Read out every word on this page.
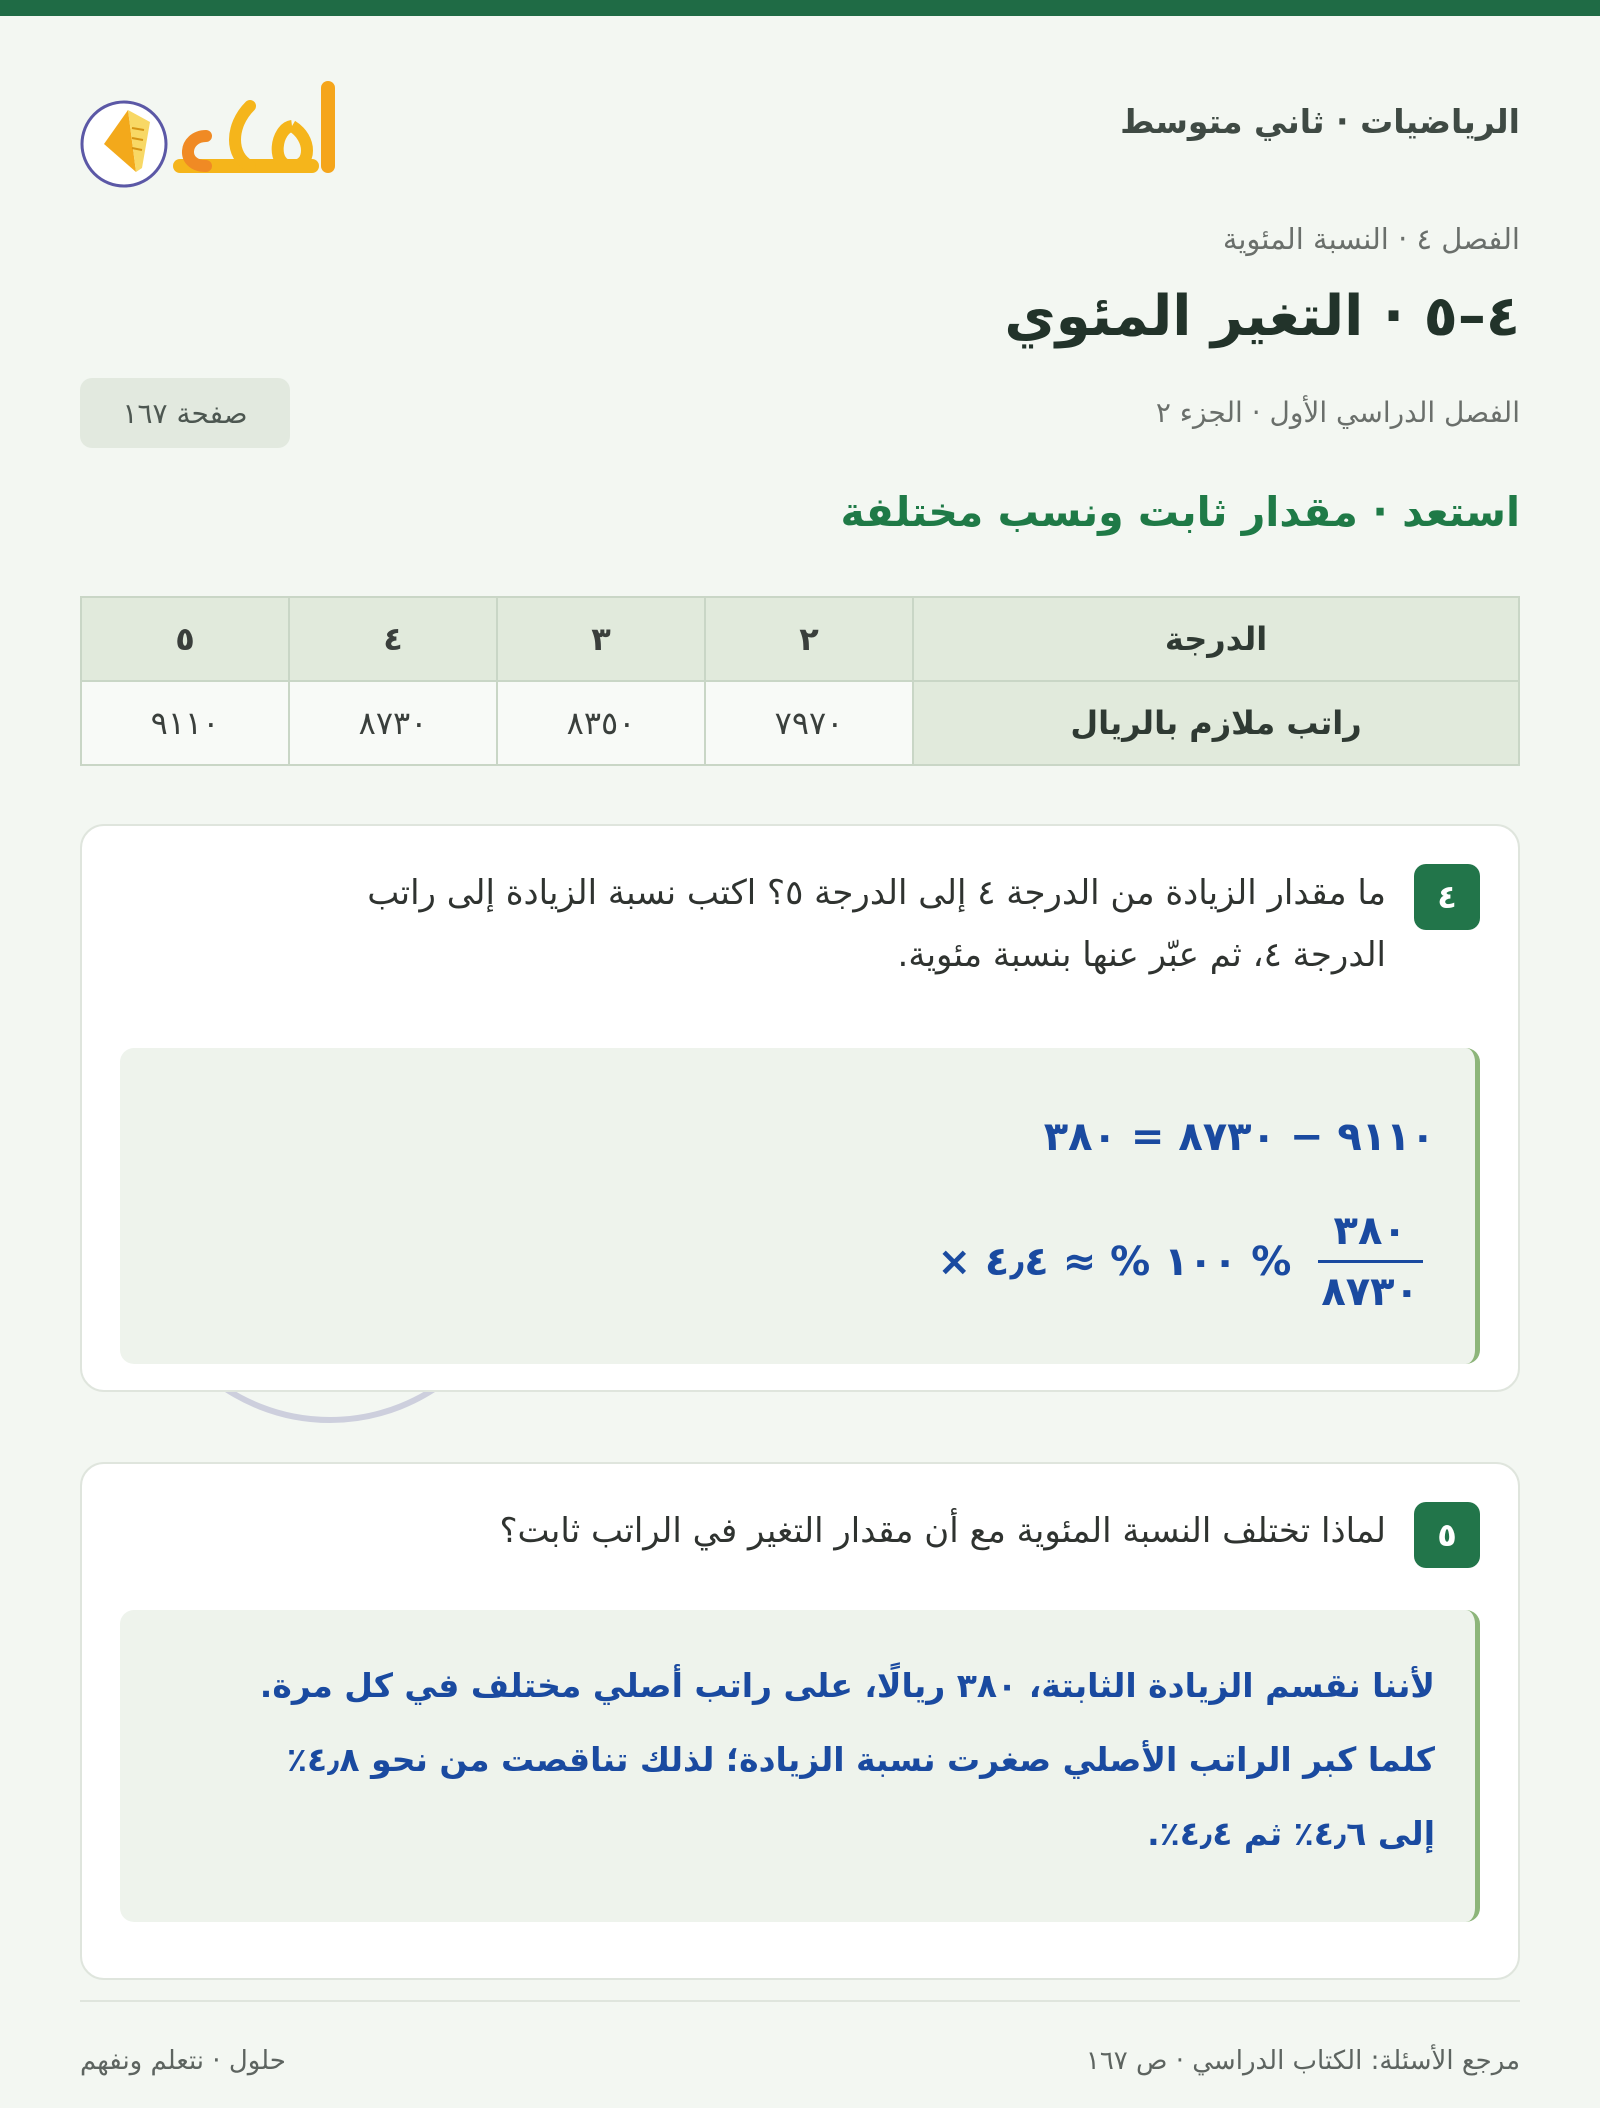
الرياضيات · ثاني متوسط
الفصل ٤ · النسبة المئوية
٤–٥ · التغير المئوي
الفصل الدراسي الأول · الجزء ٢
صفحة ١٦٧
استعد · مقدار ثابت ونسب مختلفة
الدرجة	٢	٣	٤	٥
راتب ملازم بالريال	٧٩٧٠	٨٣٥٠	٨٧٣٠	٩١١٠
٤
ما مقدار الزيادة من الدرجة ٤ إلى الدرجة ٥؟ اكتب نسبة الزيادة إلى راتب
الدرجة ٤، ثم عبّر عنها بنسبة مئوية.
٩١١٠ − ٨٧٣٠ = ٣٨٠
× ١٠٠ % ≈ ٤٫٤ % $\frac{٣٨٠}{٨٧٣٠}$
٥
لماذا تختلف النسبة المئوية مع أن مقدار التغير في الراتب ثابت؟
لأننا نقسم الزيادة الثابتة، ٣٨٠ ريالًا، على راتب أصلي مختلف في كل مرة.
كلما كبر الراتب الأصلي صغرت نسبة الزيادة؛ لذلك تناقصت من نحو ٤٫٨٪
إلى ٤٫٦٪ ثم ٤٫٤٪.
مرجع الأسئلة: الكتاب الدراسي · ص ١٦٧
حلول · نتعلم ونفهم
